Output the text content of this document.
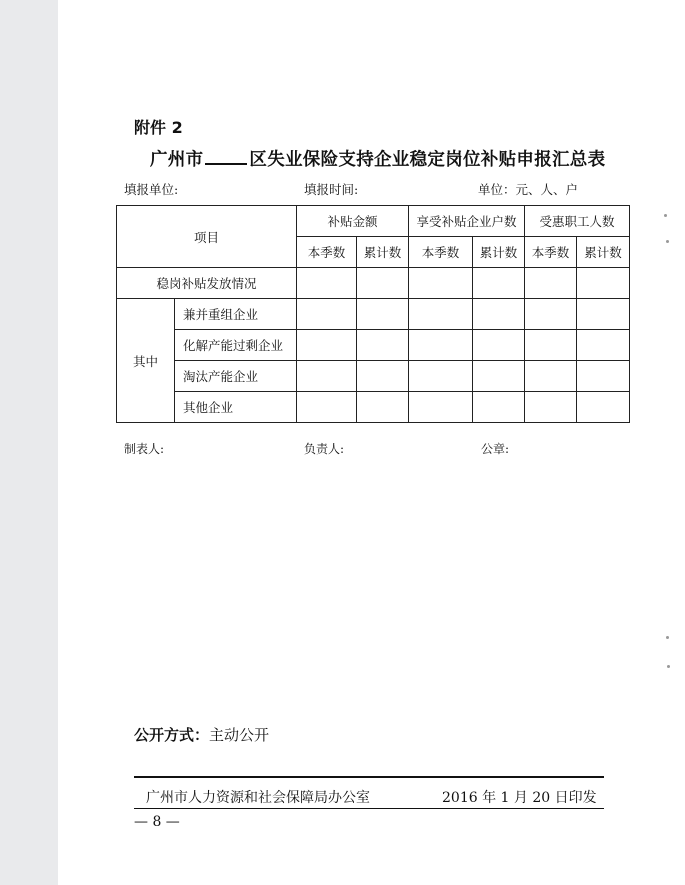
附件 2
广州市	区失业保险支持企业稳定岗位补贴申报汇总表
填报单位:	填报时间:	单位：元、人、户
项目		补贴金额		享受补贴企业户数		受惠职工人数	
		本季数	累计数	本季数	累计数	本季数	累计数
稳岗补贴发放情况							
其中	兼并重组企业						
	化解产能过剩企业						
	淘汰产能企业						
	其他企业						
制表人:	负责人:	公章:
公开方式：主动公开
广州市人力资源和社会保障局办公室	2016 年 1 月 20 日印发
— 8 —
